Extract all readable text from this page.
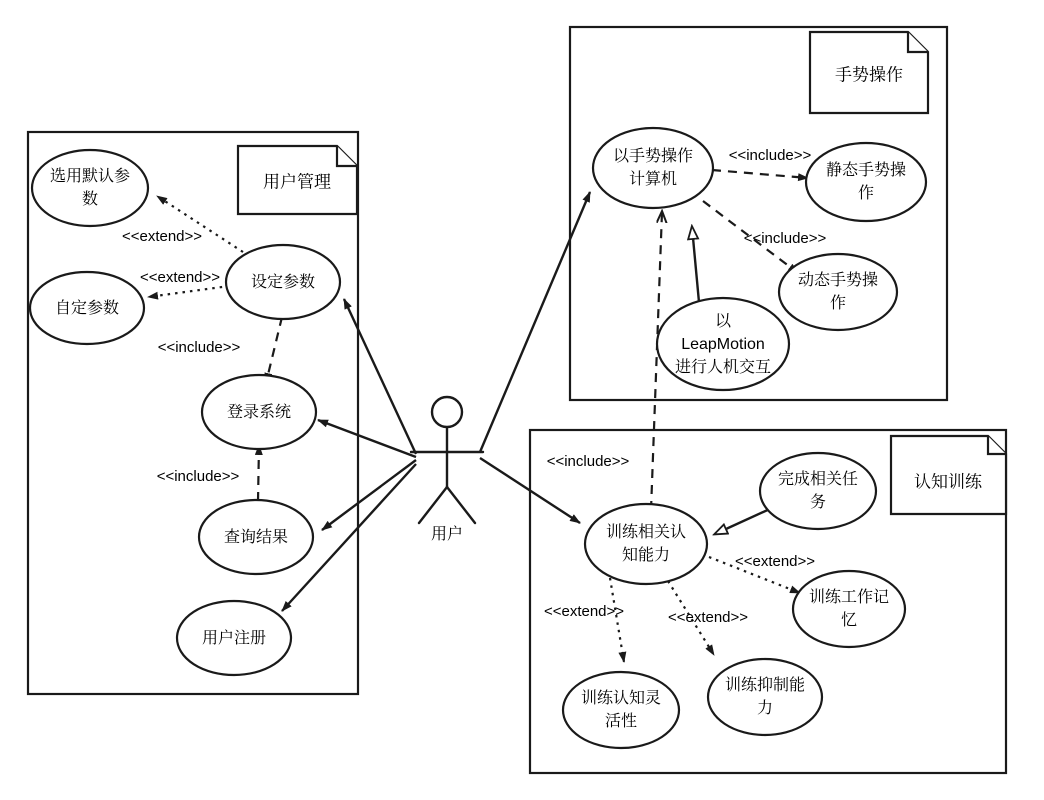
用户管理
手势操作
认知训练
用户
选用默认参
数
自定参数
设定参数
登录系统
查询结果
用户注册
以手势操作
计算机
静态手势操
作
动态手势操
作
以
LeapMotion
进行人机交互
训练相关认
知能力
完成相关任
务
训练工作记
忆
训练认知灵
活性
训练抑制能
力
<<extend>>
<<extend>>
<<include>>
<<include>>
<<include>>
<<include>>
<<include>>
<<extend>>
<<extend>>	<<extend>>
